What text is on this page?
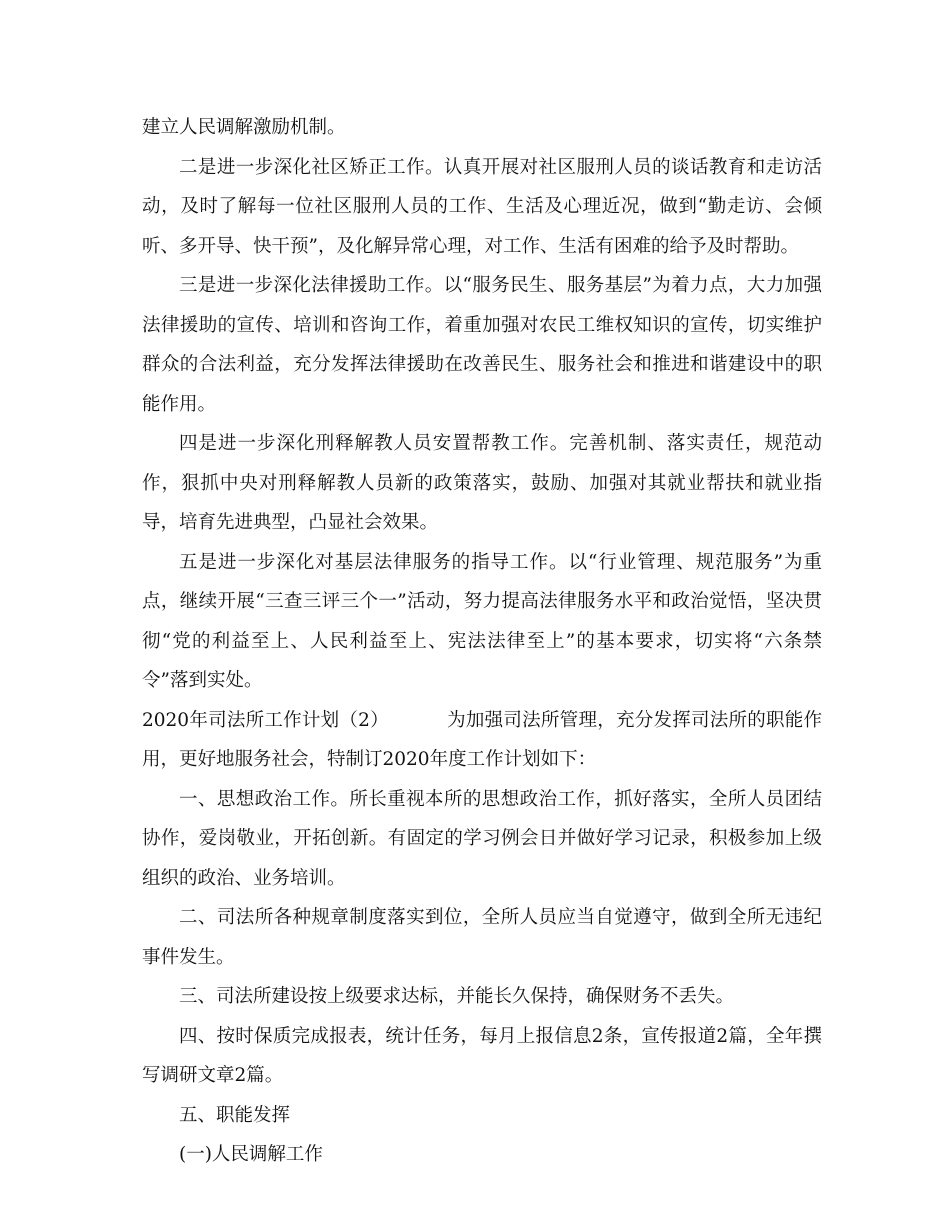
建立人民调解激励机制。

二是进一步深化社区矫正工作。认真开展对社区服刑人员的谈话教育和走访活动，及时了解每一位社区服刑人员的工作、生活及心理近况，做到“勤走访、会倾听、多开导、快干预”，及化解异常心理，对工作、生活有困难的给予及时帮助。

三是进一步深化法律援助工作。以“服务民生、服务基层”为着力点，大力加强法律援助的宣传、培训和咨询工作，着重加强对农民工维权知识的宣传，切实维护群众的合法利益，充分发挥法律援助在改善民生、服务社会和推进和谐建设中的职能作用。

四是进一步深化刑释解教人员安置帮教工作。完善机制、落实责任，规范动作，狠抓中央对刑释解教人员新的政策落实，鼓励、加强对其就业帮扶和就业指导，培育先进典型，凸显社会效果。

五是进一步深化对基层法律服务的指导工作。以“行业管理、规范服务”为重点，继续开展“三查三评三个一”活动，努力提高法律服务水平和政治觉悟，坚决贯彻“党的利益至上、人民利益至上、宪法法律至上”的基本要求，切实将“六条禁令”落到实处。

2020年司法所工作计划（2）	为加强司法所管理，充分发挥司法所的职能作用，更好地服务社会，特制订2020年度工作计划如下：

一、思想政治工作。所长重视本所的思想政治工作，抓好落实，全所人员团结协作，爱岗敬业，开拓创新。有固定的学习例会日并做好学习记录，积极参加上级组织的政治、业务培训。

二、司法所各种规章制度落实到位，全所人员应当自觉遵守，做到全所无违纪事件发生。

三、司法所建设按上级要求达标，并能长久保持，确保财务不丢失。

四、按时保质完成报表，统计任务，每月上报信息2条，宣传报道2篇，全年撰写调研文章2篇。

五、职能发挥

(一)人民调解工作
